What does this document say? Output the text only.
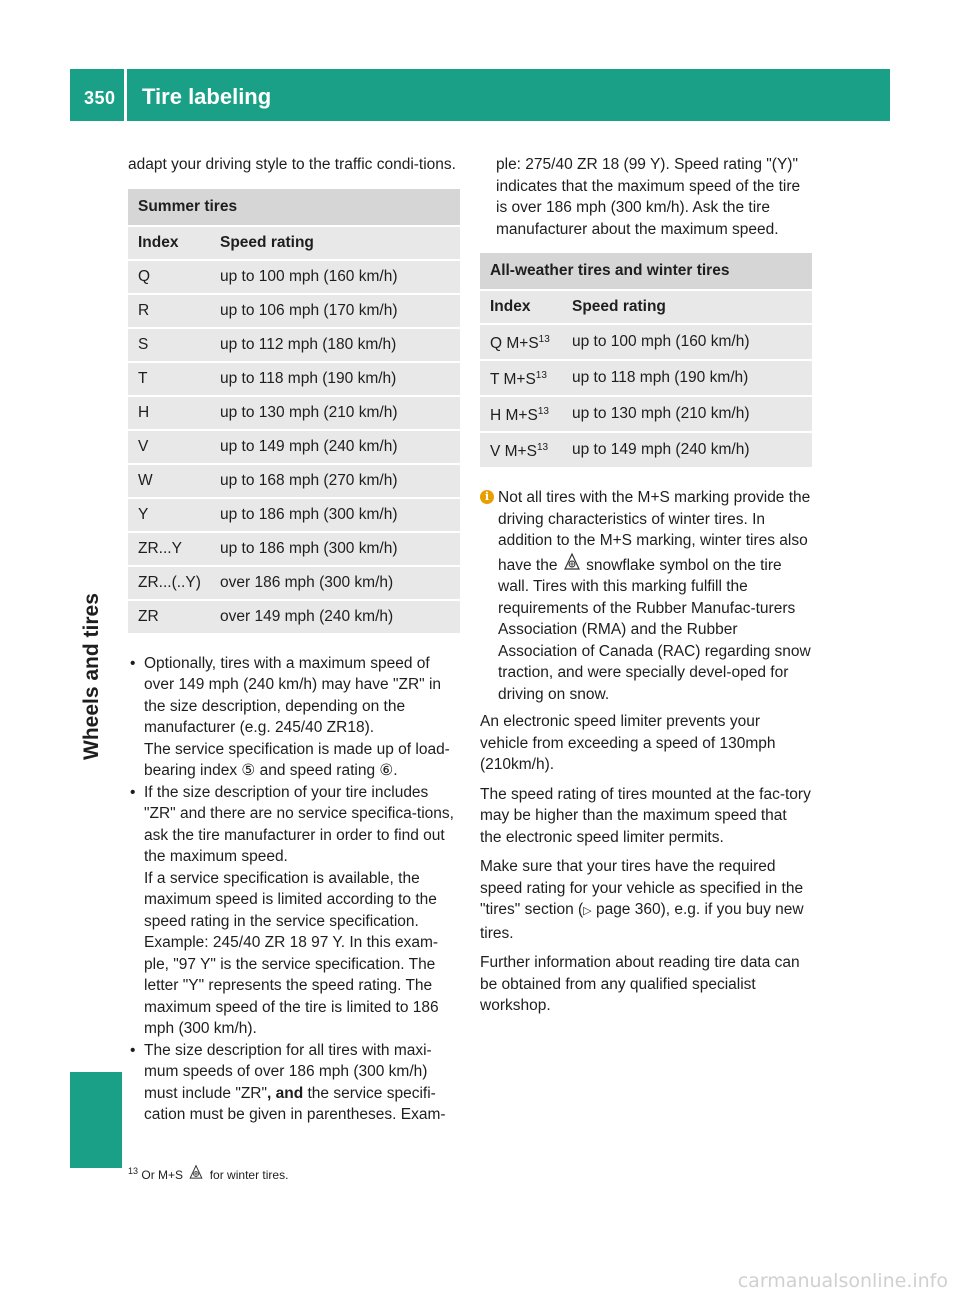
350 Tire labeling
Wheels and tires

adapt your driving style to the traffic condi-tions.

Summer tires	
Index	Speed rating
Q	up to 100 mph (160 km/h)
R	up to 106 mph (170 km/h)
S	up to 112 mph (180 km/h)
T	up to 118 mph (190 km/h)
H	up to 130 mph (210 km/h)
V	up to 149 mph (240 km/h)
W	up to 168 mph (270 km/h)
Y	up to 186 mph (300 km/h)
ZR...Y	up to 186 mph (300 km/h)
ZR...(..Y)	over 186 mph (300 km/h)
ZR	over 149 mph (240 km/h)

• Optionally, tires with a maximum speed of over 149 mph (240 km/h) may have "ZR" in the size description, depending on the manufacturer (e.g. 245/40 ZR18).

The service specification is made up of load-bearing index ⑤ and speed rating ⑥.

• If the size description of your tire includes "ZR" and there are no service specifica-tions, ask the tire manufacturer in order to find out the maximum speed.

If a service specification is available, the maximum speed is limited according to the speed rating in the service specification.

Example: 245/40 ZR 18 97 Y. In this exam-ple, "97 Y" is the service specification. The letter "Y" represents the speed rating. The maximum speed of the tire is limited to 186 mph (300 km/h).

• The size description for all tires with maxi-mum speeds of over 186 mph (300 km/h) must include "ZR", and the service specifi-cation must be given in parentheses. Exam-

ple: 275/40 ZR 18 (99 Y). Speed rating "(Y)" indicates that the maximum speed of the tire is over 186 mph (300 km/h). Ask the tire manufacturer about the maximum speed.

All-weather tires and winter tires	
Index	Speed rating
Q $M+S^{13}$	up to 100 mph (160 km/h)
T $M+S^{13}$	up to 118 mph (190 km/h)
H $M+S^{13}$	up to 130 mph (210 km/h)
V $M+S^{13}$	up to 149 mph (240 km/h)
i Not all tires with the M+S marking provide the driving characteristics of winter tires. In addition to the M+S marking, winter tires also have the  snowflake symbol on the tire wall. Tires with this marking fulfill the requirements of the Rubber Manufac-turers Association (RMA) and the Rubber Association of Canada (RAC) regarding snow traction, and were specially devel-oped for driving on snow.

An electronic speed limiter prevents your vehicle from exceeding a speed of 130mph (210km/h).

The speed rating of tires mounted at the fac-tory may be higher than the maximum speed that the electronic speed limiter permits.

Make sure that your tires have the required speed rating for your vehicle as specified in the "tires" section (▷ page 360), e.g. if you buy new tires.

Further information about reading tire data can be obtained from any qualified specialist workshop.

$^{13}$ Or M+S for winter tires.
carmanualsonline.info
